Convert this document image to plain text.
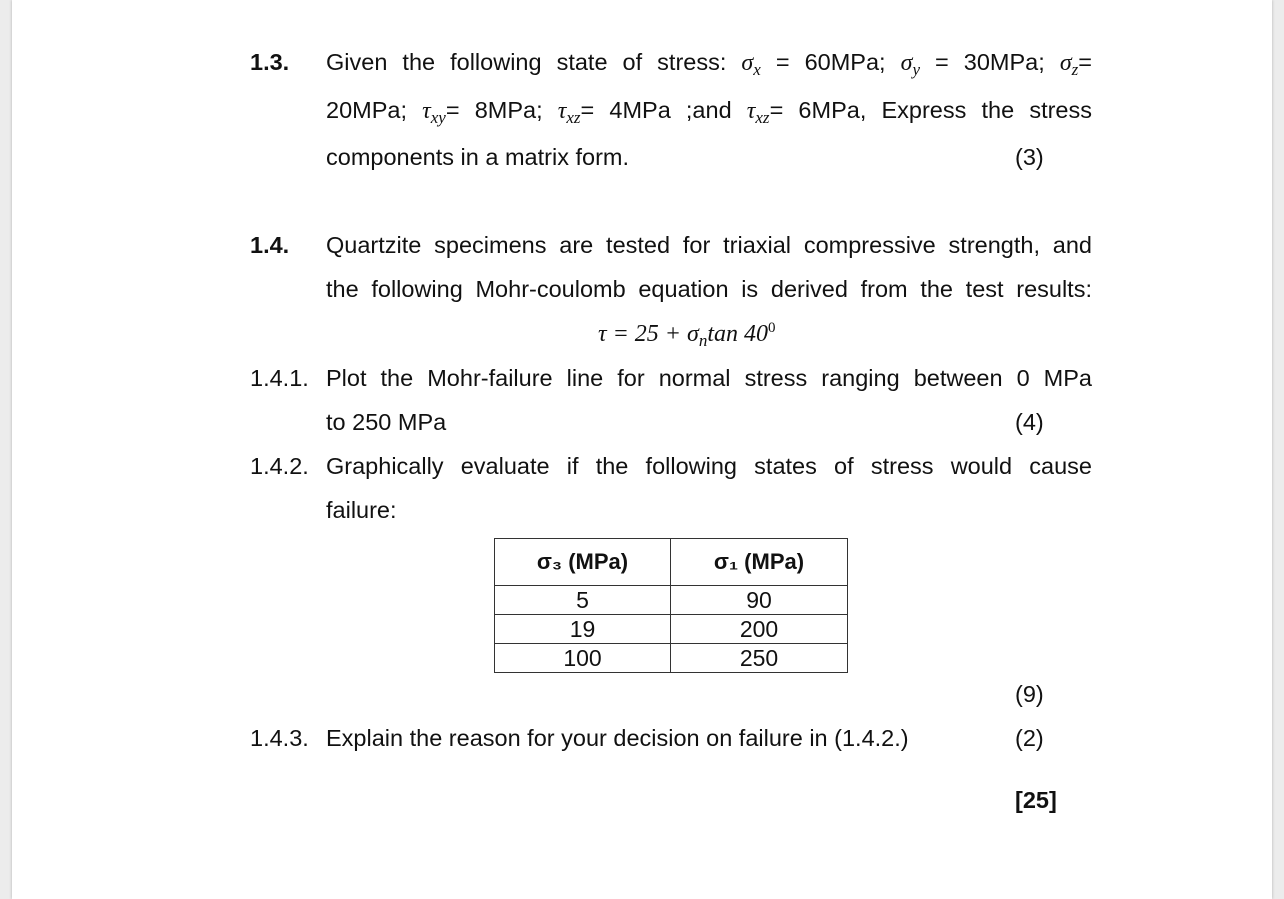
1.3. Given the following state of stress: $\sigma_x = 60MPa$; $\sigma_y = 30MPa$; $\sigma_z=$
20MPa; $\tau_{xy}= 8MPa$; $\tau_{xz}= 4MPa$ ;and $\tau_{xz}= 6MPa$, Express the stress
components in a matrix form.	(3)
1.4. Quartzite specimens are tested for triaxial compressive strength, and
the following Mohr-coulomb equation is derived from the test results:
$\tau = 25 + \sigma_n\tan$ $40^0$
1.4.1. Plot the Mohr-failure line for normal stress ranging between 0 MPa
to 250 MPa	(4)
1.4.2. Graphically evaluate if the following states of stress would cause
failure:
σ₃ (MPa)	σ₁ (MPa)
5	90
19	200
100	250
(9)
1.4.3. Explain the reason for your decision on failure in (1.4.2.)	(2)
[25]
